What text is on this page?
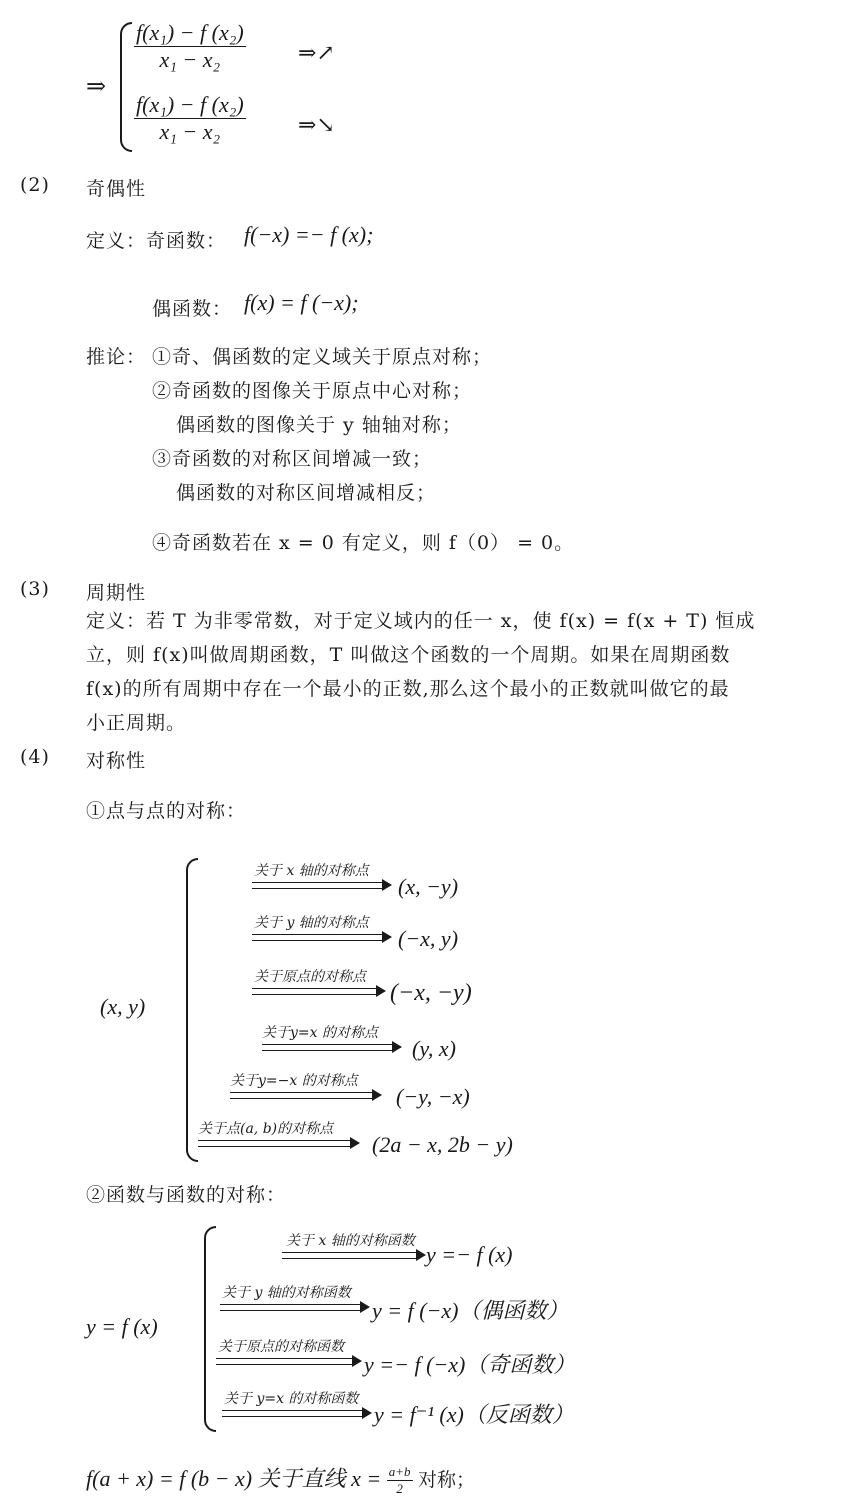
⇒
$\frac{\text{f(x₁) − f (x₂)}}{\text{x₁ − x₂}}$ ⇒↗
$\frac{\text{f(x₁) − f (x₂)}}{\text{x₁ − x₂}}$ ⇒↘
(2) 奇偶性
定义：奇函数： f(−x) =− f (x);
偶函数： f(x) = f (−x);
推论： ①奇、偶函数的定义域关于原点对称；
②奇函数的图像关于原点中心对称；
偶函数的图像关于 y 轴轴对称；
③奇函数的对称区间增减一致；
偶函数的对称区间增减相反；
④奇函数若在 x = 0 有定义，则 f（0） = 0。
(3) 周期性
定义：若 T 为非零常数，对于定义域内的任一 x，使 f(x) = f(x + T) 恒成
立，则 f(x)叫做周期函数，T 叫做这个函数的一个周期。如果在周期函数
f(x)的所有周期中存在一个最小的正数,那么这个最小的正数就叫做它的最
小正周期。
(4) 对称性
①点与点的对称：
(x, y)
关于 x 轴的对称点
(x, −y)
关于 y 轴的对称点
(−x, y)
关于原点的对称点
(−x, −y)
关于y=x 的对称点
(y, x)
关于y=−x 的对称点
(−y, −x)
关于点(a, b)的对称点
(2a − x, 2b − y)
②函数与函数的对称：
y = f (x)
关于 x 轴的对称函数
y =− f (x)
关于 y 轴的对称函数
y = f (−x)（偶函数）
关于原点的对称函数
y =− f (−x)（奇函数）
关于 y=x 的对称函数
y = f⁻¹ (x)（反函数）
f(a + x) = f (b − x) 关于直线 $x = \frac{a+b}{2}$ 对称；
